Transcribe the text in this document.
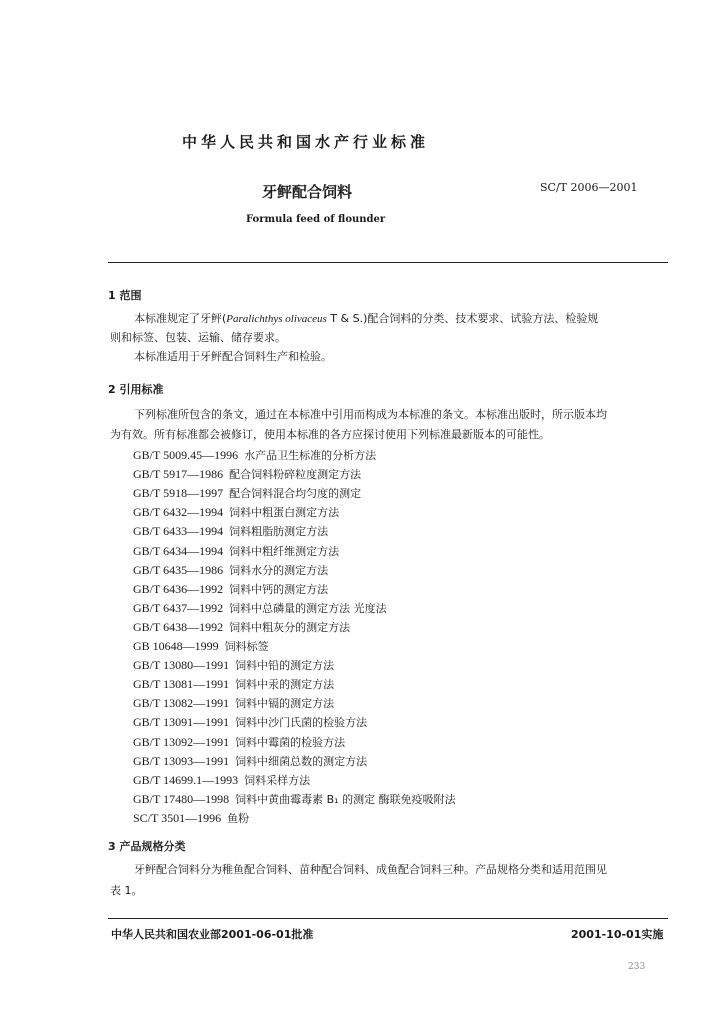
中华人民共和国水产行业标准
牙鲆配合饲料	SC/T 2006—2001
Formula feed of flounder
1 范围
本标准规定了牙鲆(Paralichthys olivaceus T & S.)配合饲料的分类、技术要求、试验方法、检验规
则和标签、包装、运输、储存要求。
本标准适用于牙鲆配合饲料生产和检验。
2 引用标准
下列标准所包含的条文，通过在本标准中引用而构成为本标准的条文。本标准出版时，所示版本均
为有效。所有标准都会被修订，使用本标准的各方应探讨使用下列标准最新版本的可能性。
GB/T 5009.45—1996 水产品卫生标准的分析方法
GB/T 5917—1986 配合饲料粉碎粒度测定方法
GB/T 5918—1997 配合饲料混合均匀度的测定
GB/T 6432—1994 饲料中粗蛋白测定方法
GB/T 6433—1994 饲料粗脂肪测定方法
GB/T 6434—1994 饲料中粗纤维测定方法
GB/T 6435—1986 饲料水分的测定方法
GB/T 6436—1992 饲料中钙的测定方法
GB/T 6437—1992 饲料中总磷量的测定方法 光度法
GB/T 6438—1992 饲料中粗灰分的测定方法
GB 10648—1999 饲料标签
GB/T 13080—1991 饲料中铅的测定方法
GB/T 13081—1991 饲料中汞的测定方法
GB/T 13082—1991 饲料中镉的测定方法
GB/T 13091—1991 饲料中沙门氏菌的检验方法
GB/T 13092—1991 饲料中霉菌的检验方法
GB/T 13093—1991 饲料中细菌总数的测定方法
GB/T 14699.1—1993 饲料采样方法
GB/T 17480—1998 饲料中黄曲霉毒素 B₁ 的测定 酶联免疫吸附法
SC/T 3501—1996 鱼粉
3 产品规格分类
牙鲆配合饲料分为稚鱼配合饲料、苗种配合饲料、成鱼配合饲料三种。产品规格分类和适用范围见
表 1。
中华人民共和国农业部2001-06-01批准	2001-10-01实施
233
